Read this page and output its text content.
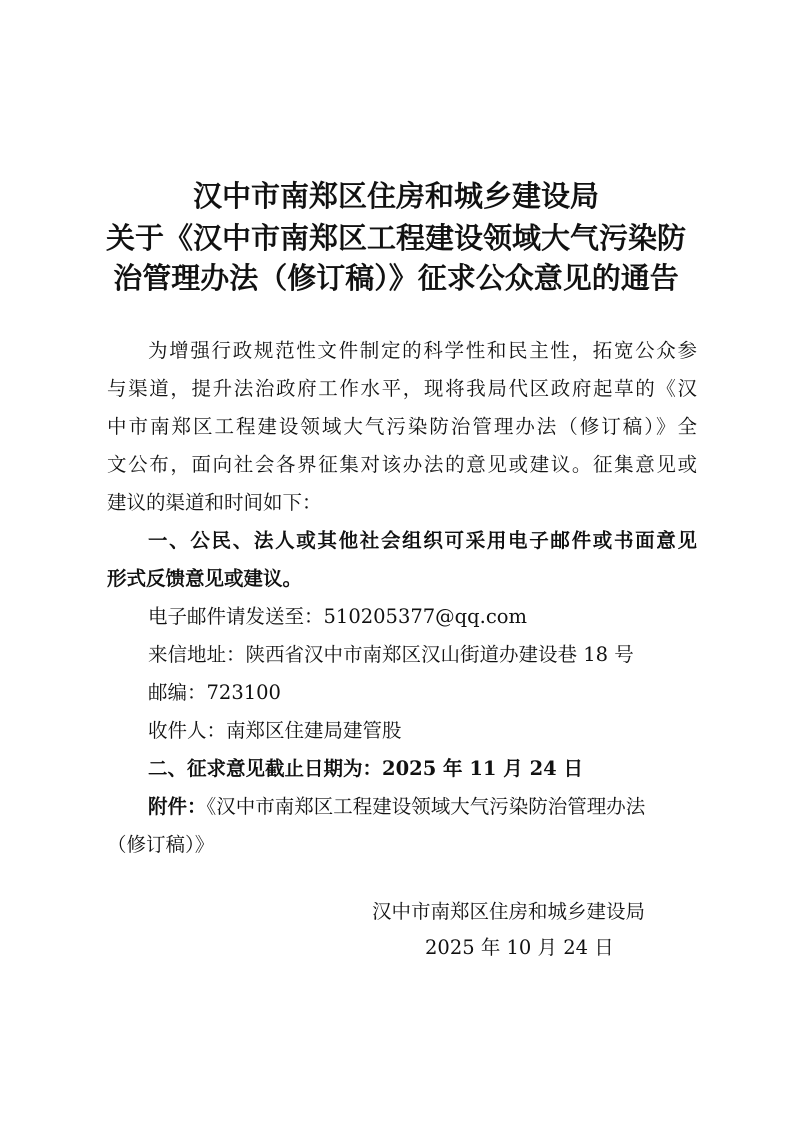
汉中市南郑区住房和城乡建设局
关于《汉中市南郑区工程建设领域大气污染防
治管理办法（修订稿）》征求公众意见的通告
为增强行政规范性文件制定的科学性和民主性，拓宽公众参
与渠道，提升法治政府工作水平，现将我局代区政府起草的《汉
中市南郑区工程建设领域大气污染防治管理办法（修订稿）》全
文公布，面向社会各界征集对该办法的意见或建议。征集意见或
建议的渠道和时间如下：
一、公民、法人或其他社会组织可采用电子邮件或书面意见
形式反馈意见或建议。
电子邮件请发送至：510205377@qq.com
来信地址：陕西省汉中市南郑区汉山街道办建设巷 18 号
邮编：723100
收件人：南郑区住建局建管股
二、征求意见截止日期为：2025 年 11 月 24 日
附件：《汉中市南郑区工程建设领域大气污染防治管理办法
（修订稿）》
汉中市南郑区住房和城乡建设局
2025 年 10 月 24 日
